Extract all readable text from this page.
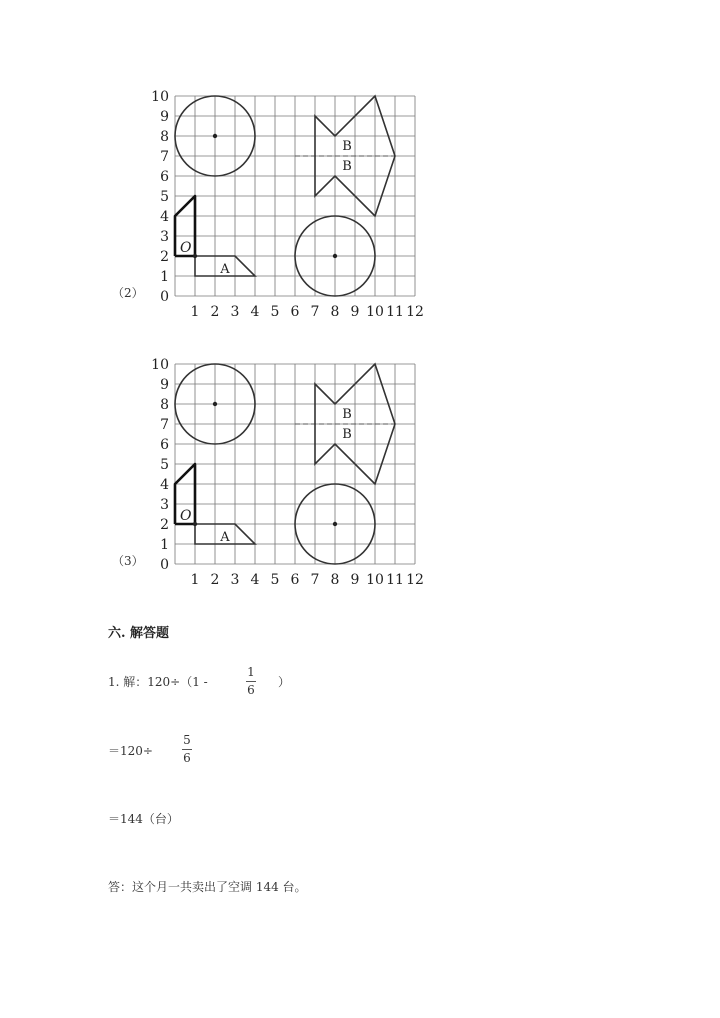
（2）
1 2 3 4 5 6 7 8 9 10 11 12
0
1
2
3
4
5
6
7
8
9
10
O
A
B
B
（3）
1 2 3 4 5 6 7 8 9 10 11 12
0
1
2
3
4
5
6
7
8
9
10
O
A
B
B
六. 解答题
1. 解：120÷（1 -
1
6
）
＝120÷
5
6
＝144（台）
答：这个月一共卖出了空调 144 台。
